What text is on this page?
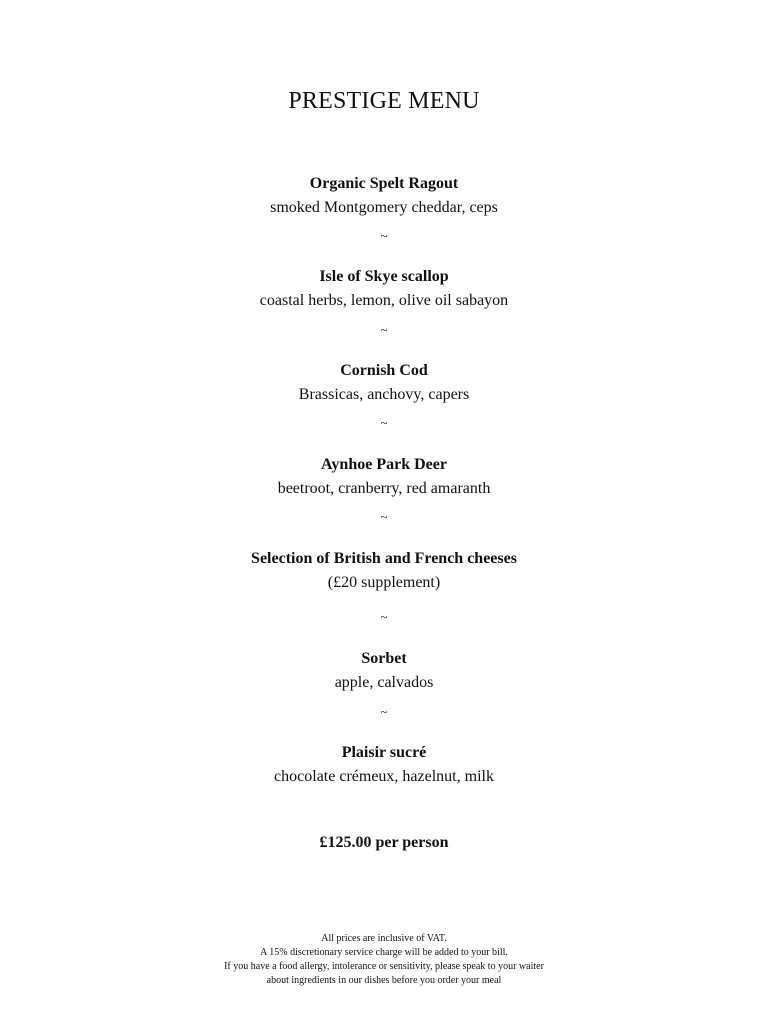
PRESTIGE MENU
Organic Spelt Ragout
smoked Montgomery cheddar, ceps
~
Isle of Skye scallop
coastal herbs, lemon, olive oil sabayon
~
Cornish Cod
Brassicas, anchovy, capers
~
Aynhoe Park Deer
beetroot, cranberry, red amaranth
~
Selection of British and French cheeses
(£20 supplement)
~
Sorbet
apple, calvados
~
Plaisir sucré
chocolate crémeux, hazelnut, milk
£125.00 per person
All prices are inclusive of VAT.
A 15% discretionary service charge will be added to your bill.
If you have a food allergy, intolerance or sensitivity, please speak to your waiter
about ingredients in our dishes before you order your meal
